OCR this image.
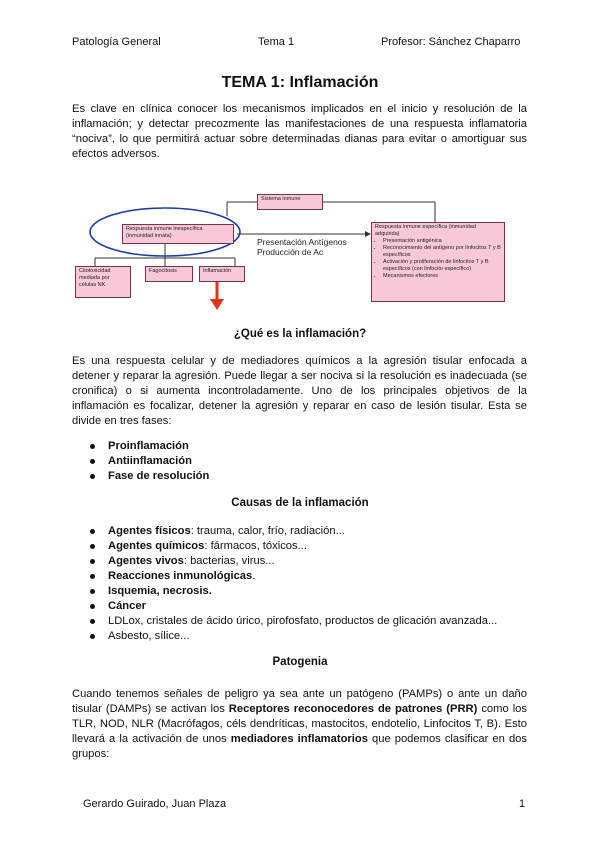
Patología General	Tema 1	Profesor: Sánchez Chaparro
TEMA 1: Inflamación

Es clave en clínica conocer los mecanismos implicados en el inicio y resolución de la inflamación; y detectar precozmente las manifestaciones de una respuesta inflamatoria “nociva”, lo que permitirá actuar sobre determinadas dianas para evitar o amortiguar sus efectos adversos.

Sistema inmune
Respuesta inmune inespecífica (inmunidad innata)
Respuesta inmune específica (inmunidad adquirida)
• Presentación antigénica
• Reconocimiento del antígeno por linfocitos T y B específicos
• Activación y proliferación de linfocitos T y B específicos (con linfocito específico)
• Mecanismos efectores
Citotoxicidad mediada por células NK
Fagocitosis	Inflamación
Presentación Antígenos
Producción de Ac
¿Qué es la inflamación?

Es una respuesta celular y de mediadores químicos a la agresión tisular enfocada a detener y reparar la agresión. Puede llegar a ser nociva si la resolución es inadecuada (se cronifica) o si aumenta incontroladamente. Uno de los principales objetivos de la inflamación es focalizar, detener la agresión y reparar en caso de lesión tisular. Esta se divide en tres fases:

Proinflamación
Antiinflamación
Fase de resolución
Causas de la inflamación
Agentes físicos: trauma, calor, frío, radiación...
Agentes químicos: fármacos, tóxicos...
Agentes vivos: bacterias, virus...
Reacciones inmunológicas.
Isquemia, necrosis.
Cáncer
LDLox, cristales de ácido úrico, pirofosfato, productos de glicación avanzada...
Asbesto, sílice...
Patogenia

Cuando tenemos señales de peligro ya sea ante un patógeno (PAMPs) o ante un daño tisular (DAMPs) se activan los Receptores reconocedores de patrones (PRR) como los TLR, NOD, NLR (Macrófagos, céls dendríticas, mastocitos, endotelio, Linfocitos T, B). Esto llevará a la activación de unos mediadores inflamatorios que podemos clasificar en dos grupos:

Gerardo Guirado, Juan Plaza	1
